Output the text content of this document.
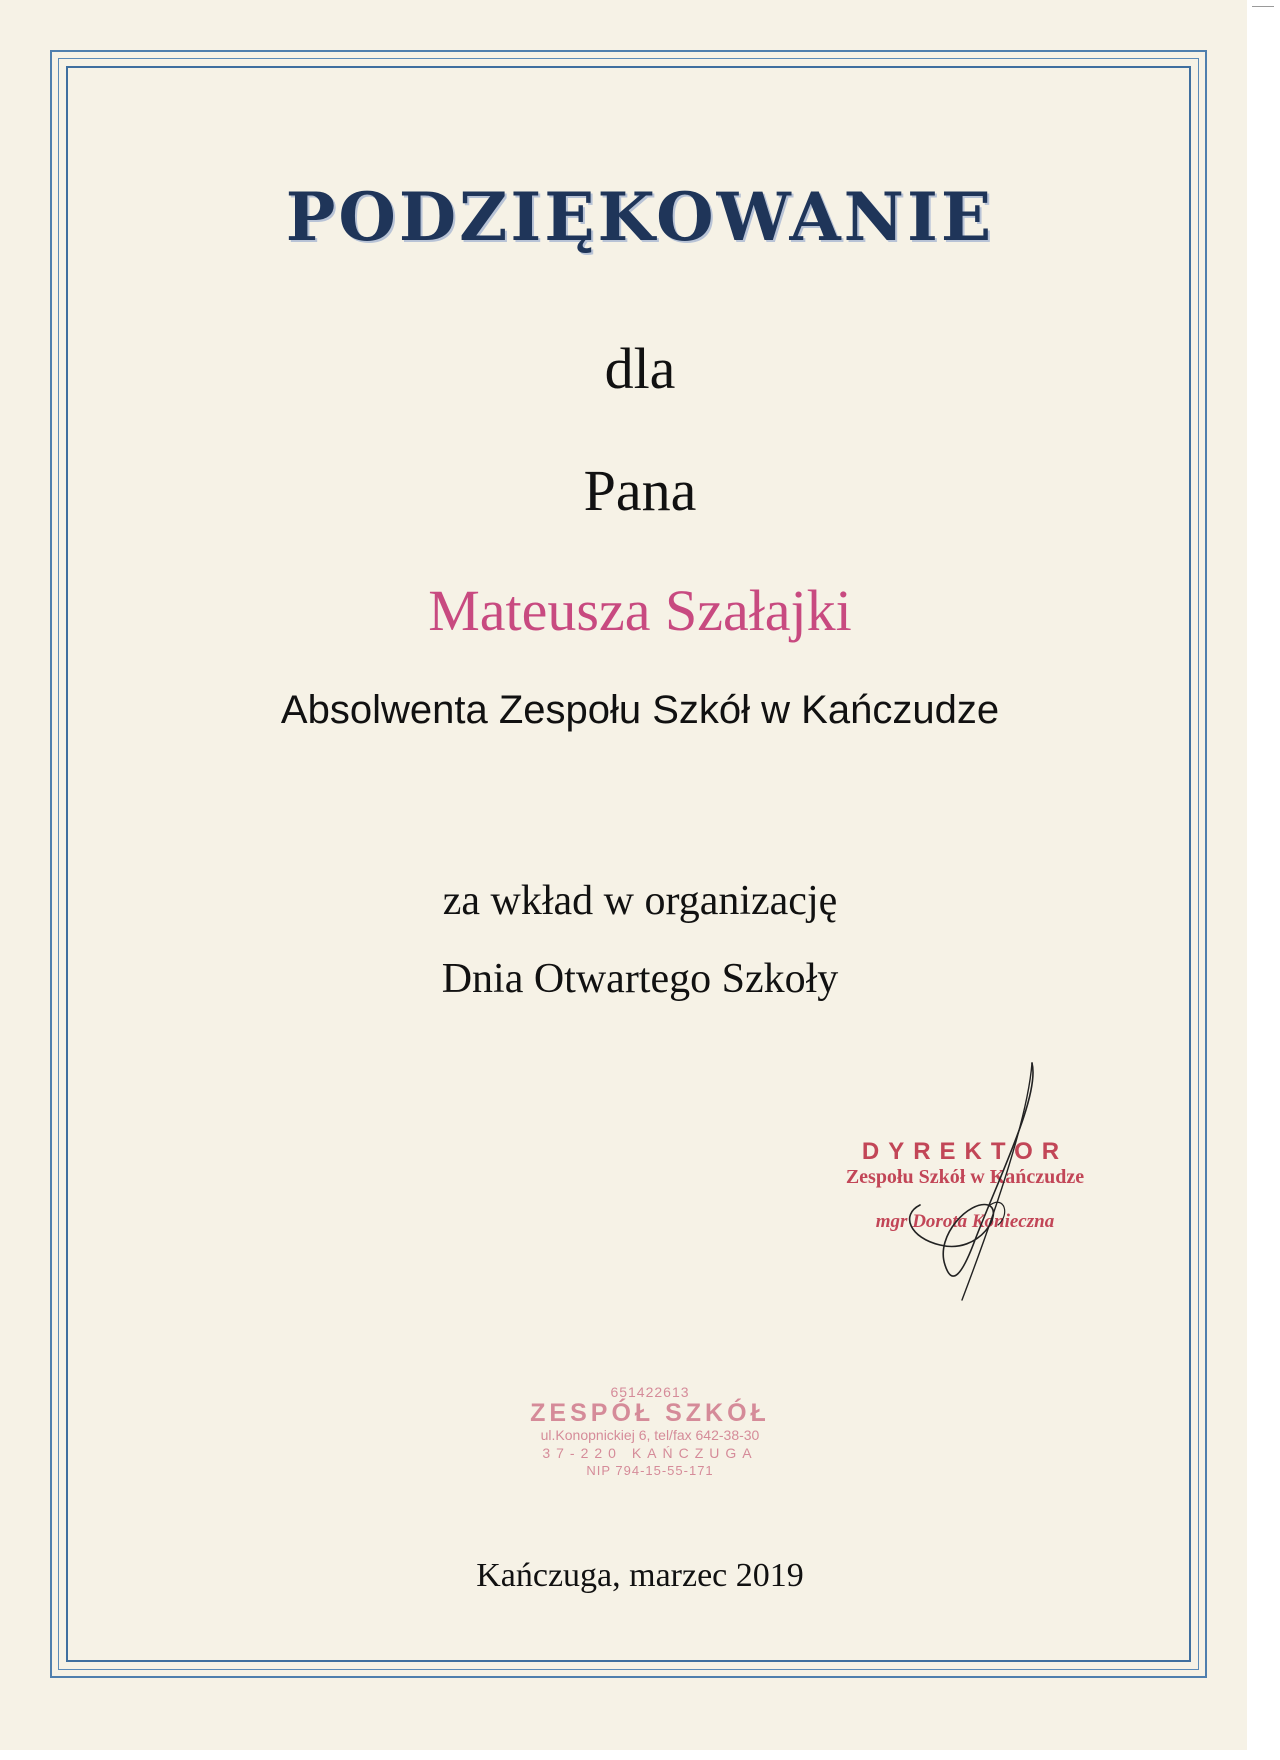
PODZIĘKOWANIE
dla
Pana
Mateusza Szałajki
Absolwenta Zespołu Szkół w Kańczudze
za wkład w organizację
Dnia Otwartego Szkoły
DYREKTOR
Zespołu Szkół w Kańczudze
mgr Dorota Konieczna
651422613
ZESPÓŁ SZKÓŁ
ul.Konopnickiej 6, tel/fax 642-38-30
37-220 KAŃCZUGA
NIP 794-15-55-171
Kańczuga, marzec 2019
